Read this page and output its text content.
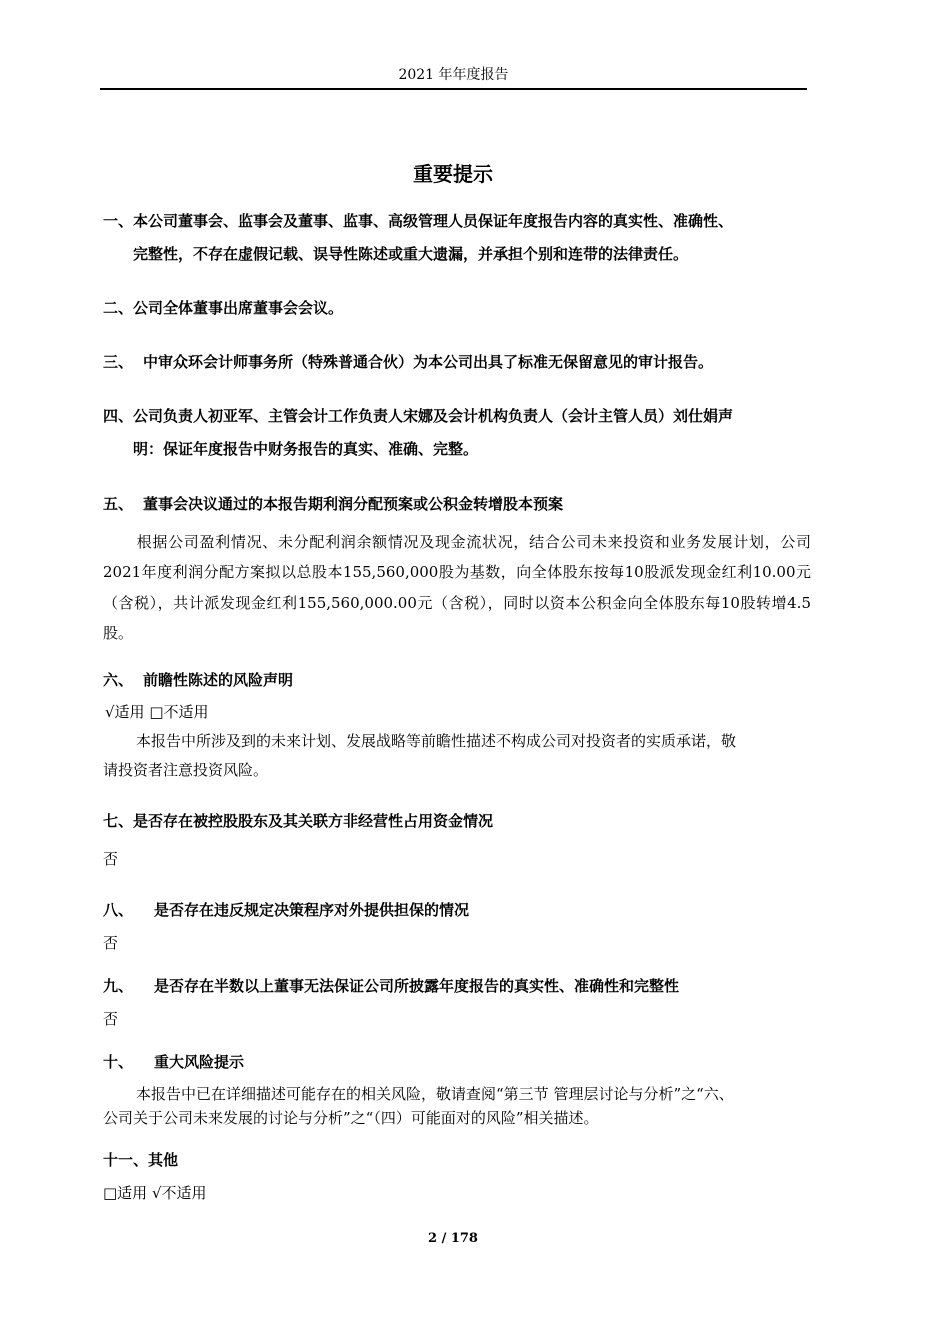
2021 年年度报告
重要提示
一、本公司董事会、监事会及董事、监事、高级管理人员保证年度报告内容的真实性、准确性、
完整性，不存在虚假记载、误导性陈述或重大遗漏，并承担个别和连带的法律责任。
二、公司全体董事出席董事会会议。
三、 中审众环会计师事务所（特殊普通合伙）为本公司出具了标准无保留意见的审计报告。
四、公司负责人初亚军、主管会计工作负责人宋娜及会计机构负责人（会计主管人员）刘仕娟声
明：保证年度报告中财务报告的真实、准确、完整。
五、 董事会决议通过的本报告期利润分配预案或公积金转增股本预案
根据公司盈利情况、未分配利润余额情况及现金流状况，结合公司未来投资和业务发展计划，公司2021年度利润分配方案拟以总股本155,560,000股为基数，向全体股东按每10股派发现金红利10.00元（含税），共计派发现金红利155,560,000.00元（含税），同时以资本公积金向全体股东每10股转增4.5股。
六、 前瞻性陈述的风险声明
√适用 □不适用
本报告中所涉及到的未来计划、发展战略等前瞻性描述不构成公司对投资者的实质承诺，敬
请投资者注意投资风险。
七、是否存在被控股股东及其关联方非经营性占用资金情况
否
八、 是否存在违反规定决策程序对外提供担保的情况
否
九、 是否存在半数以上董事无法保证公司所披露年度报告的真实性、准确性和完整性
否
十、 重大风险提示
本报告中已在详细描述可能存在的相关风险，敬请查阅“第三节 管理层讨论与分析”之“六、
公司关于公司未来发展的讨论与分析”之“（四）可能面对的风险”相关描述。
十一、其他
□适用 √不适用
2 / 178
